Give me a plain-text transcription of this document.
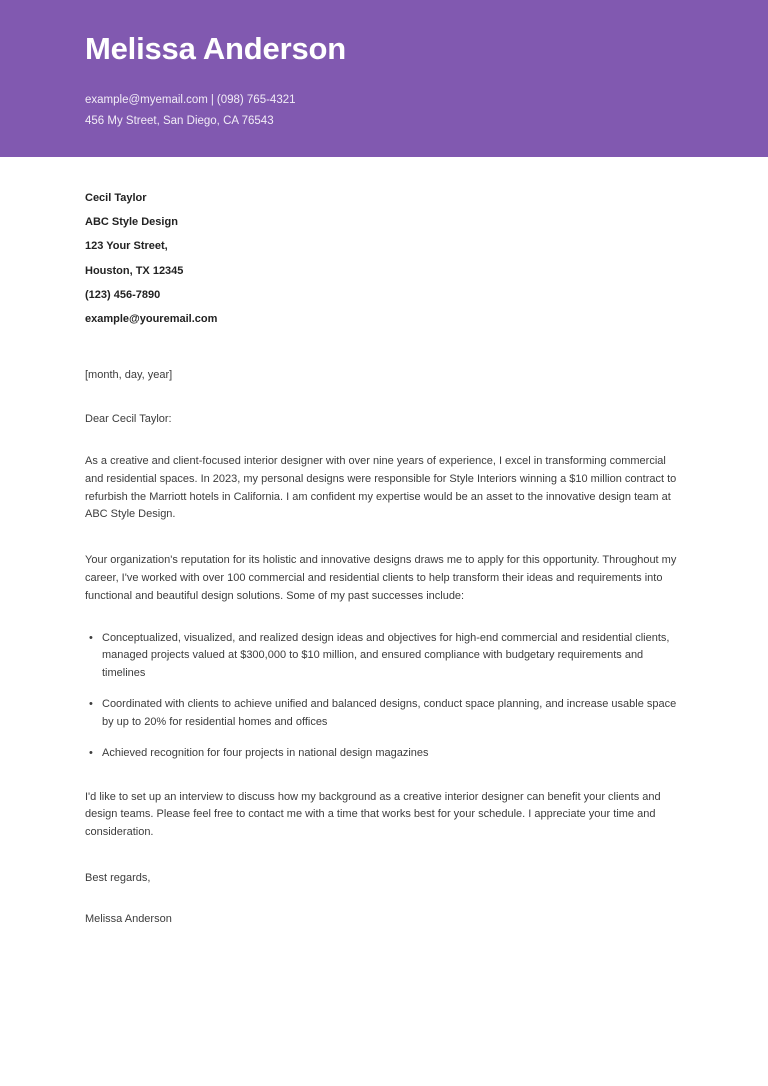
Melissa Anderson
example@myemail.com | (098) 765-4321
456 My Street, San Diego, CA 76543
Cecil Taylor
ABC Style Design
123 Your Street,
Houston, TX 12345
(123) 456-7890
example@youremail.com
[month, day, year]
Dear Cecil Taylor:
As a creative and client-focused interior designer with over nine years of experience, I excel in transforming commercial and residential spaces. In 2023, my personal designs were responsible for Style Interiors winning a $10 million contract to refurbish the Marriott hotels in California. I am confident my expertise would be an asset to the innovative design team at ABC Style Design.
Your organization's reputation for its holistic and innovative designs draws me to apply for this opportunity. Throughout my career, I've worked with over 100 commercial and residential clients to help transform their ideas and requirements into functional and beautiful design solutions. Some of my past successes include:
• Conceptualized, visualized, and realized design ideas and objectives for high-end commercial and residential clients, managed projects valued at $300,000 to $10 million, and ensured compliance with budgetary requirements and timelines
• Coordinated with clients to achieve unified and balanced designs, conduct space planning, and increase usable space by up to 20% for residential homes and offices
• Achieved recognition for four projects in national design magazines
I'd like to set up an interview to discuss how my background as a creative interior designer can benefit your clients and design teams. Please feel free to contact me with a time that works best for your schedule. I appreciate your time and consideration.
Best regards,
Melissa Anderson
